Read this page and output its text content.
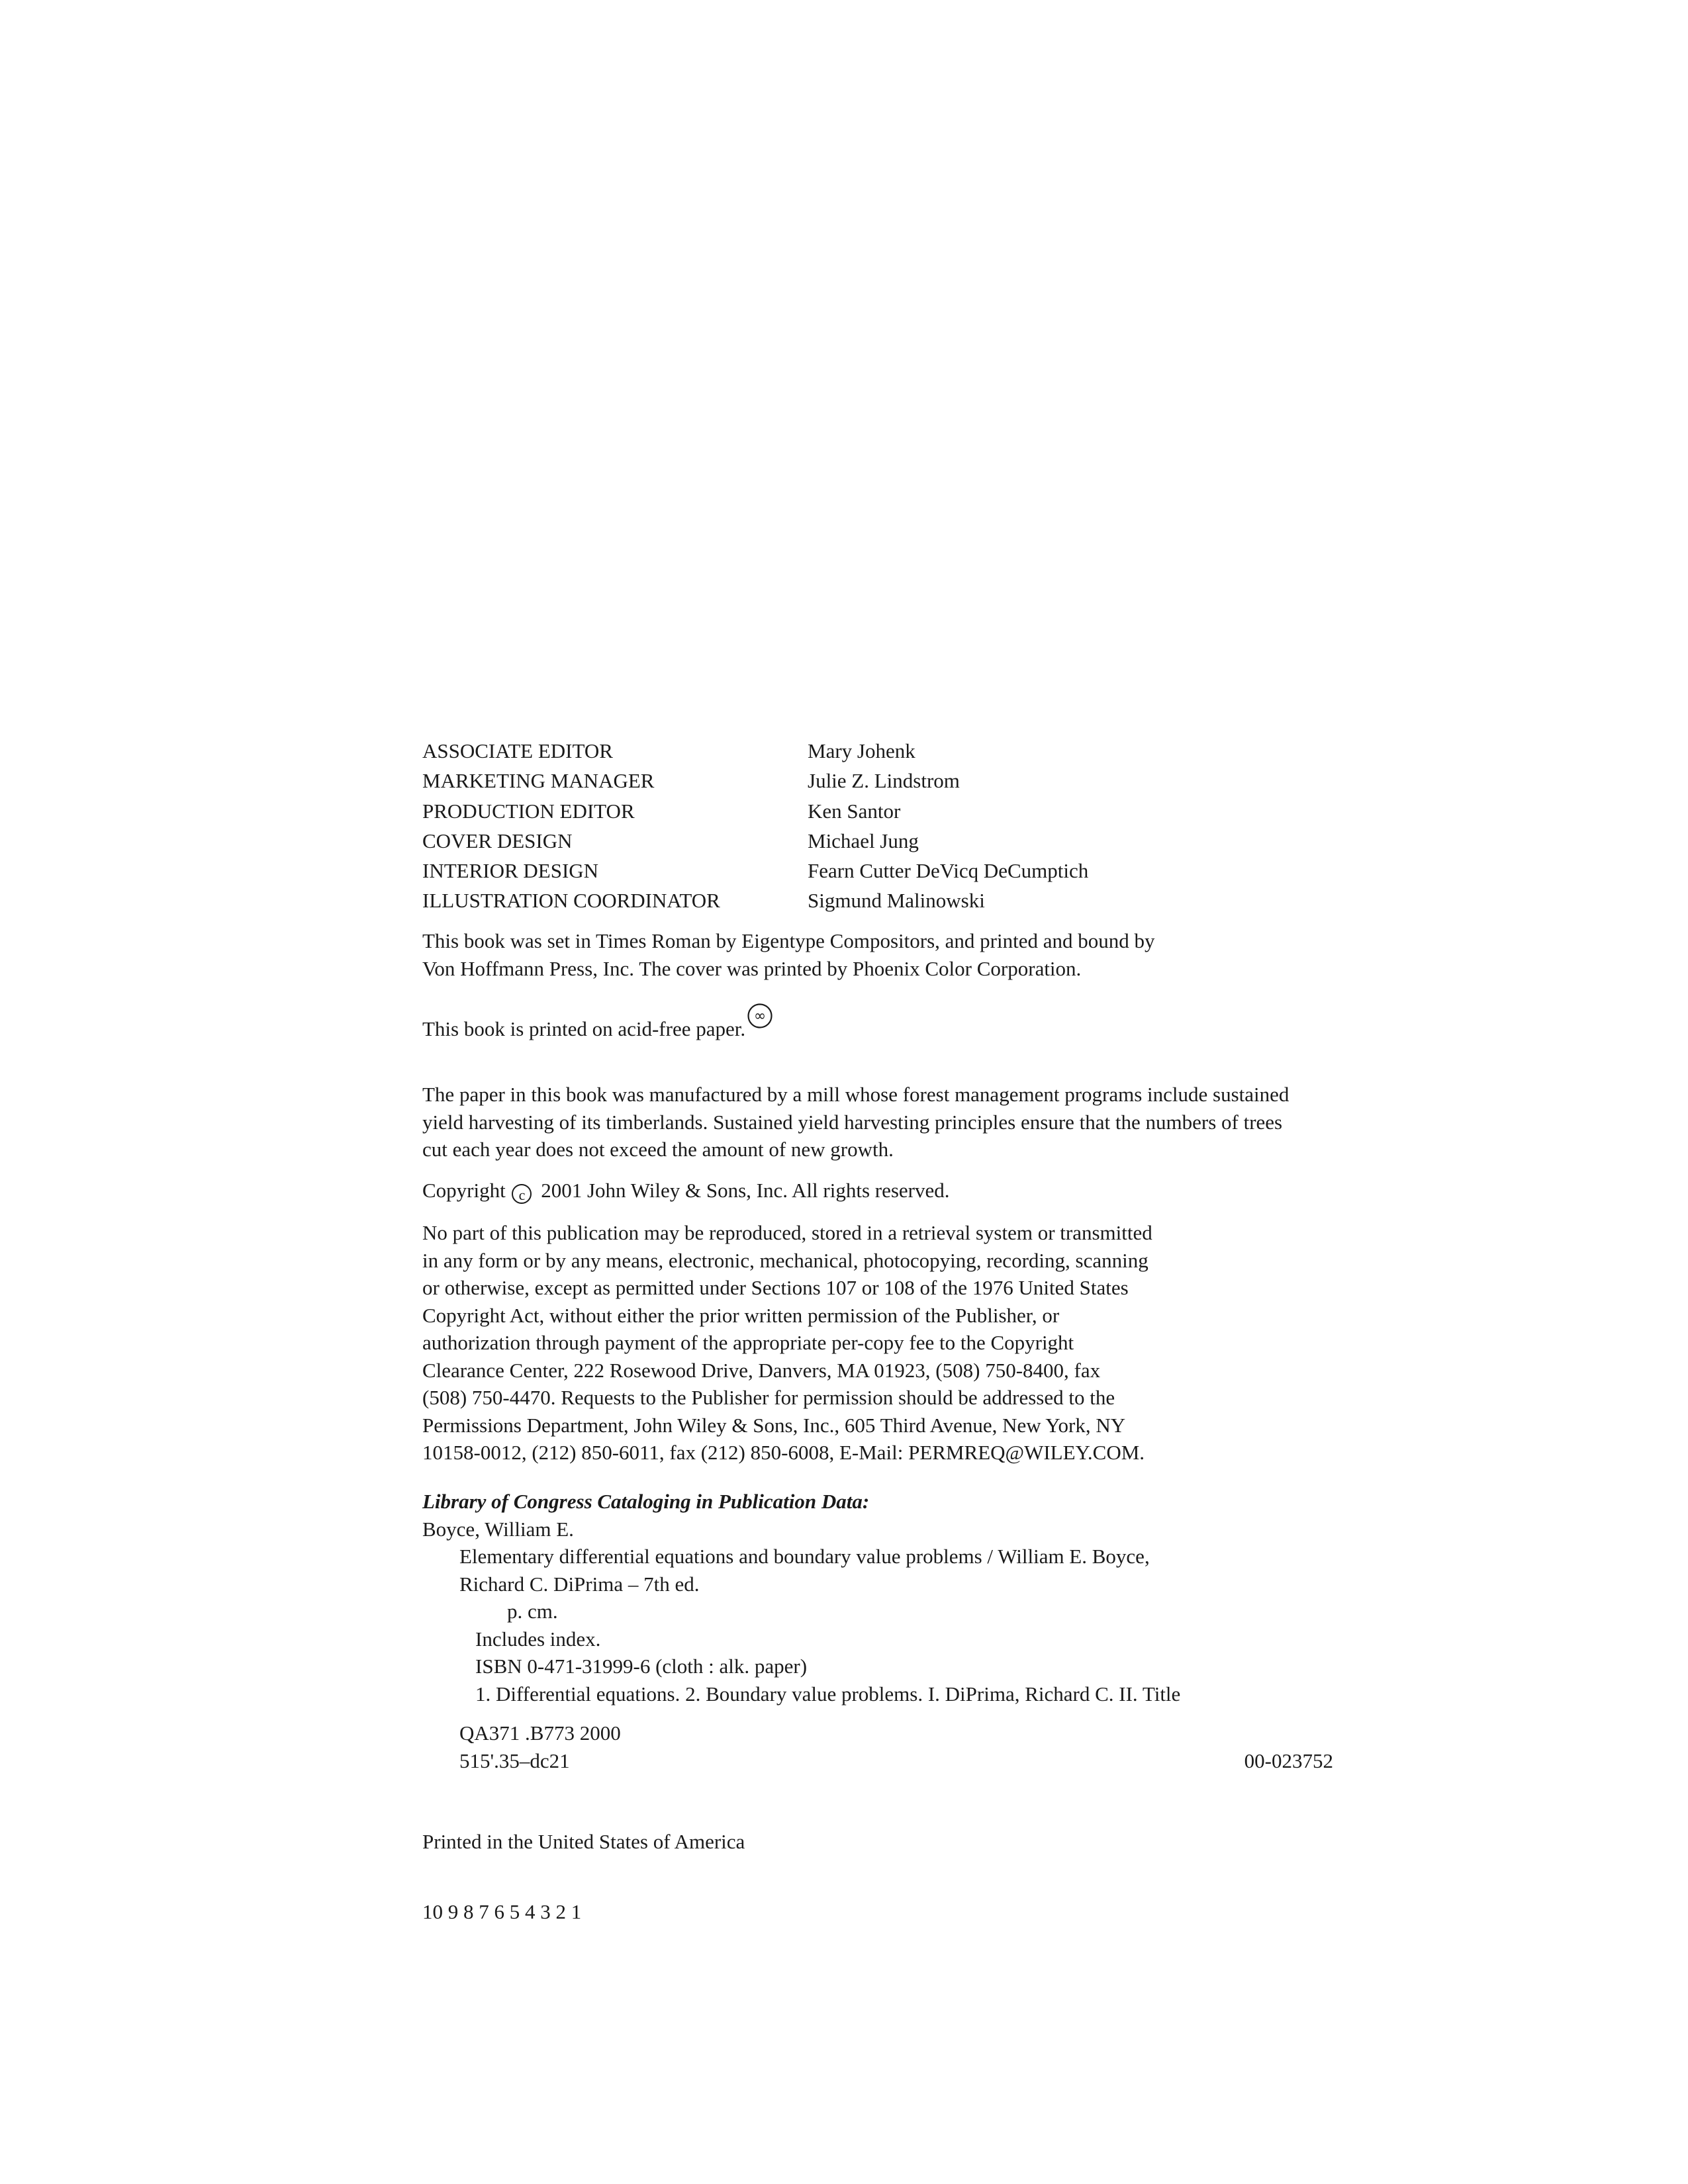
ASSOCIATE EDITOR	Mary Johenk
MARKETING MANAGER	Julie Z. Lindstrom
PRODUCTION EDITOR	Ken Santor
COVER DESIGN	Michael Jung
INTERIOR DESIGN	Fearn Cutter DeVicq DeCumptich
ILLUSTRATION COORDINATOR	Sigmund Malinowski
This book was set in Times Roman by Eigentype Compositors, and printed and bound by
Von Hoffmann Press, Inc. The cover was printed by Phoenix Color Corporation.
This book is printed on acid-free paper.
∞
The paper in this book was manufactured by a mill whose forest management programs include sustained
yield harvesting of its timberlands. Sustained yield harvesting principles ensure that the numbers of trees
cut each year does not exceed the amount of new growth.
Copyright c 2001 John Wiley & Sons, Inc. All rights reserved.
No part of this publication may be reproduced, stored in a retrieval system or transmitted
in any form or by any means, electronic, mechanical, photocopying, recording, scanning
or otherwise, except as permitted under Sections 107 or 108 of the 1976 United States
Copyright Act, without either the prior written permission of the Publisher, or
authorization through payment of the appropriate per-copy fee to the Copyright
Clearance Center, 222 Rosewood Drive, Danvers, MA 01923, (508) 750-8400, fax
(508) 750-4470. Requests to the Publisher for permission should be addressed to the
Permissions Department, John Wiley & Sons, Inc., 605 Third Avenue, New York, NY
10158-0012, (212) 850-6011, fax (212) 850-6008, E-Mail: PERMREQ@WILEY.COM.
Library of Congress Cataloging in Publication Data:
Boyce, William E.
Elementary differential equations and boundary value problems / William E. Boyce,
Richard C. DiPrima – 7th ed.
p. cm.
Includes index.
ISBN 0-471-31999-6 (cloth : alk. paper)
1. Differential equations. 2. Boundary value problems. I. DiPrima, Richard C. II. Title
QA371 .B773 2000
515'.35–dc21	00-023752
Printed in the United States of America
10 9 8 7 6 5 4 3 2 1
